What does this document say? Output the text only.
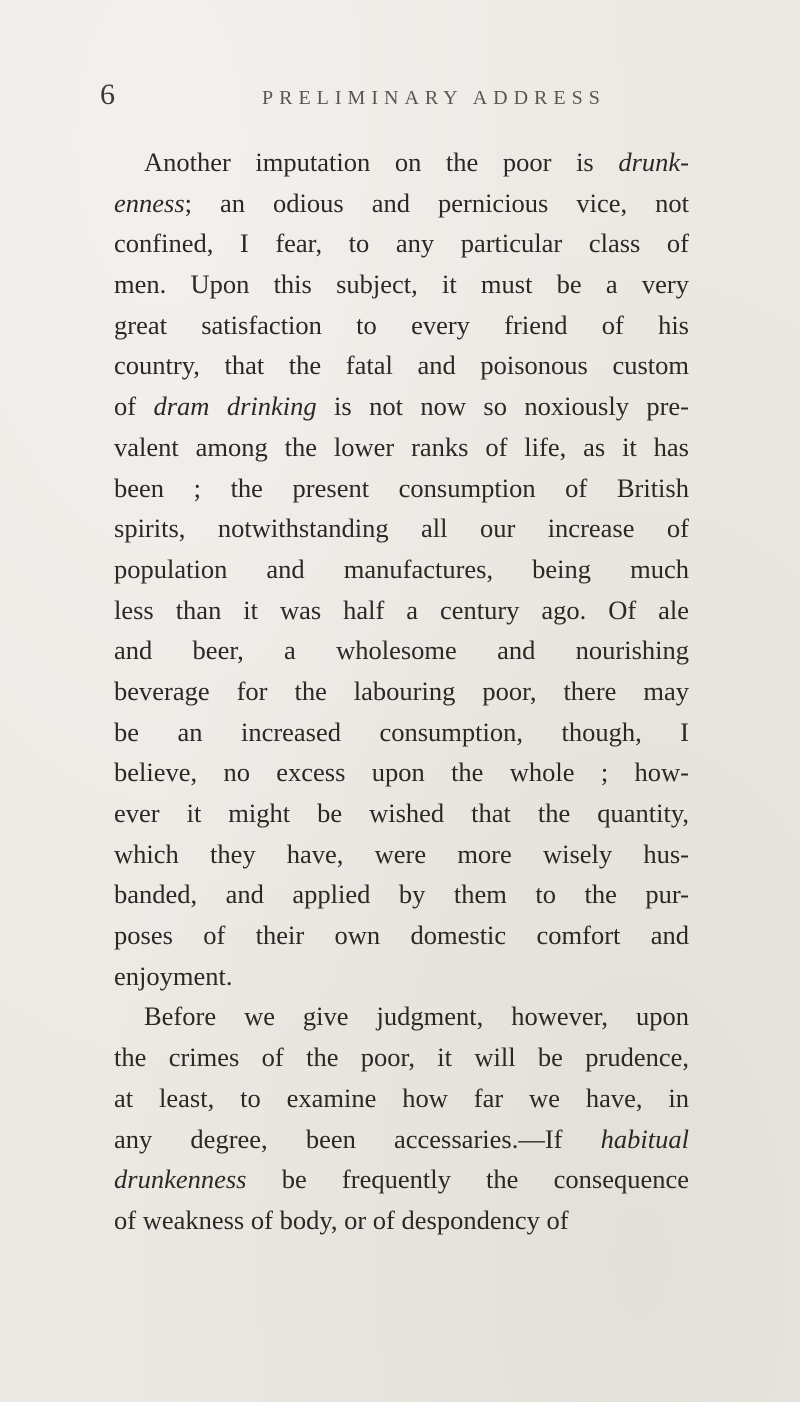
6	PRELIMINARY ADDRESS
Another imputation on the poor is drunk-
enness; an odious and pernicious vice, not
confined, I fear, to any particular class of
men. Upon this subject, it must be a very
great satisfaction to every friend of his
country, that the fatal and poisonous custom
of dram drinking is not now so noxiously pre-
valent among the lower ranks of life, as it has
been ; the present consumption of British
spirits, notwithstanding all our increase of
population and manufactures, being much
less than it was half a century ago. Of ale
and beer, a wholesome and nourishing
beverage for the labouring poor, there may
be an increased consumption, though, I
believe, no excess upon the whole ; how-
ever it might be wished that the quantity,
which they have, were more wisely hus-
banded, and applied by them to the pur-
poses of their own domestic comfort and
enjoyment.
Before we give judgment, however, upon
the crimes of the poor, it will be prudence,
at least, to examine how far we have, in
any degree, been accessaries.—If habitual
drunkenness be frequently the consequence
of weakness of body, or of despondency of
